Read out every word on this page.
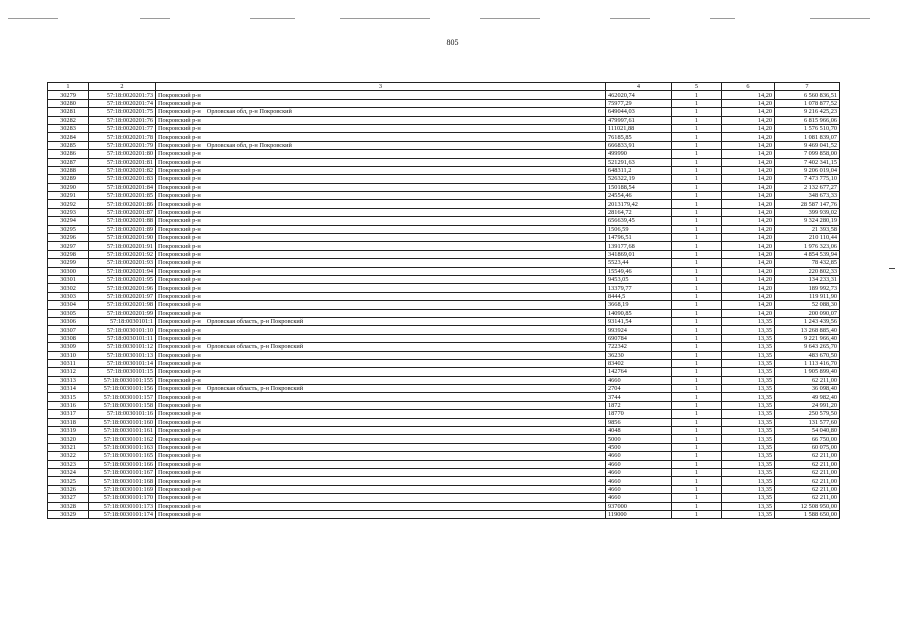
805
1	2	3	4	5	6	7
30279	57:18:0020201:73	Покровский р-н	462020,74	1	14,20	6 560 836,51
30280	57:18:0020201:74	Покровский р-н	75977,29	1	14,20	1 078 877,52
30281	57:18:0020201:75	Покровский р-н Орловская обл, р-н Покровский	649044,03	1	14,20	9 216 425,23
30282	57:18:0020201:76	Покровский р-н	479997,61	1	14,20	6 815 966,06
30283	57:18:0020201:77	Покровский р-н	111021,88	1	14,20	1 576 510,70
30284	57:18:0020201:78	Покровский р-н	76185,85	1	14,20	1 081 839,07
30285	57:18:0020201:79	Покровский р-н Орловская обл, р-н Покровский	666833,91	1	14,20	9 469 041,52
30286	57:18:0020201:80	Покровский р-н	499990	1	14,20	7 099 858,00
30287	57:18:0020201:81	Покровский р-н	521291,63	1	14,20	7 402 341,15
30288	57:18:0020201:82	Покровский р-н	648311,2	1	14,20	9 206 019,04
30289	57:18:0020201:83	Покровский р-н	526322,19	1	14,20	7 473 775,10
30290	57:18:0020201:84	Покровский р-н	150188,54	1	14,20	2 132 677,27
30291	57:18:0020201:85	Покровский р-н	24554,46	1	14,20	348 673,33
30292	57:18:0020201:86	Покровский р-н	2013179,42	1	14,20	28 587 147,76
30293	57:18:0020201:87	Покровский р-н	28164,72	1	14,20	399 939,02
30294	57:18:0020201:88	Покровский р-н	656639,45	1	14,20	9 324 280,19
30295	57:18:0020201:89	Покровский р-н	1506,59	1	14,20	21 393,58
30296	57:18:0020201:90	Покровский р-н	14796,51	1	14,20	210 110,44
30297	57:18:0020201:91	Покровский р-н	139177,68	1	14,20	1 976 323,06
30298	57:18:0020201:92	Покровский р-н	341869,01	1	14,20	4 854 539,94
30299	57:18:0020201:93	Покровский р-н	5523,44	1	14,20	78 432,85
30300	57:18:0020201:94	Покровский р-н	15549,46	1	14,20	220 802,33
30301	57:18:0020201:95	Покровский р-н	9453,05	1	14,20	134 233,31
30302	57:18:0020201:96	Покровский р-н	13379,77	1	14,20	189 992,73
30303	57:18:0020201:97	Покровский р-н	8444,5	1	14,20	119 911,90
30304	57:18:0020201:98	Покровский р-н	3668,19	1	14,20	52 088,30
30305	57:18:0020201:99	Покровский р-н	14090,85	1	14,20	200 090,07
30306	57:18:0030101:1	Покровский р-н Орловская область, р-н Покровский	93141,54	1	13,35	1 243 439,56
30307	57:18:0030101:10	Покровский р-н	993924	1	13,35	13 268 885,40
30308	57:18:0030101:11	Покровский р-н	690784	1	13,35	9 221 966,40
30309	57:18:0030101:12	Покровский р-н Орловская область, р-н Покровский	722342	1	13,35	9 643 265,70
30310	57:18:0030101:13	Покровский р-н	36230	1	13,35	483 670,50
30311	57:18:0030101:14	Покровский р-н	83402	1	13,35	1 113 416,70
30312	57:18:0030101:15	Покровский р-н	142764	1	13,35	1 905 899,40
30313	57:18:0030101:155	Покровский р-н	4660	1	13,35	62 211,00
30314	57:18:0030101:156	Покровский р-н Орловская область, р-н Покровский	2704	1	13,35	36 098,40
30315	57:18:0030101:157	Покровский р-н	3744	1	13,35	49 982,40
30316	57:18:0030101:158	Покровский р-н	1872	1	13,35	24 991,20
30317	57:18:0030101:16	Покровский р-н	18770	1	13,35	250 579,50
30318	57:18:0030101:160	Покровский р-н	9856	1	13,35	131 577,60
30319	57:18:0030101:161	Покровский р-н	4048	1	13,35	54 040,80
30320	57:18:0030101:162	Покровский р-н	5000	1	13,35	66 750,00
30321	57:18:0030101:163	Покровский р-н	4500	1	13,35	60 075,00
30322	57:18:0030101:165	Покровский р-н	4660	1	13,35	62 211,00
30323	57:18:0030101:166	Покровский р-н	4660	1	13,35	62 211,00
30324	57:18:0030101:167	Покровский р-н	4660	1	13,35	62 211,00
30325	57:18:0030101:168	Покровский р-н	4660	1	13,35	62 211,00
30326	57:18:0030101:169	Покровский р-н	4660	1	13,35	62 211,00
30327	57:18:0030101:170	Покровский р-н	4660	1	13,35	62 211,00
30328	57:18:0030101:173	Покровский р-н	937000	1	13,35	12 508 950,00
30329	57:18:0030101:174	Покровский р-н	119000	1	13,35	1 588 650,00
